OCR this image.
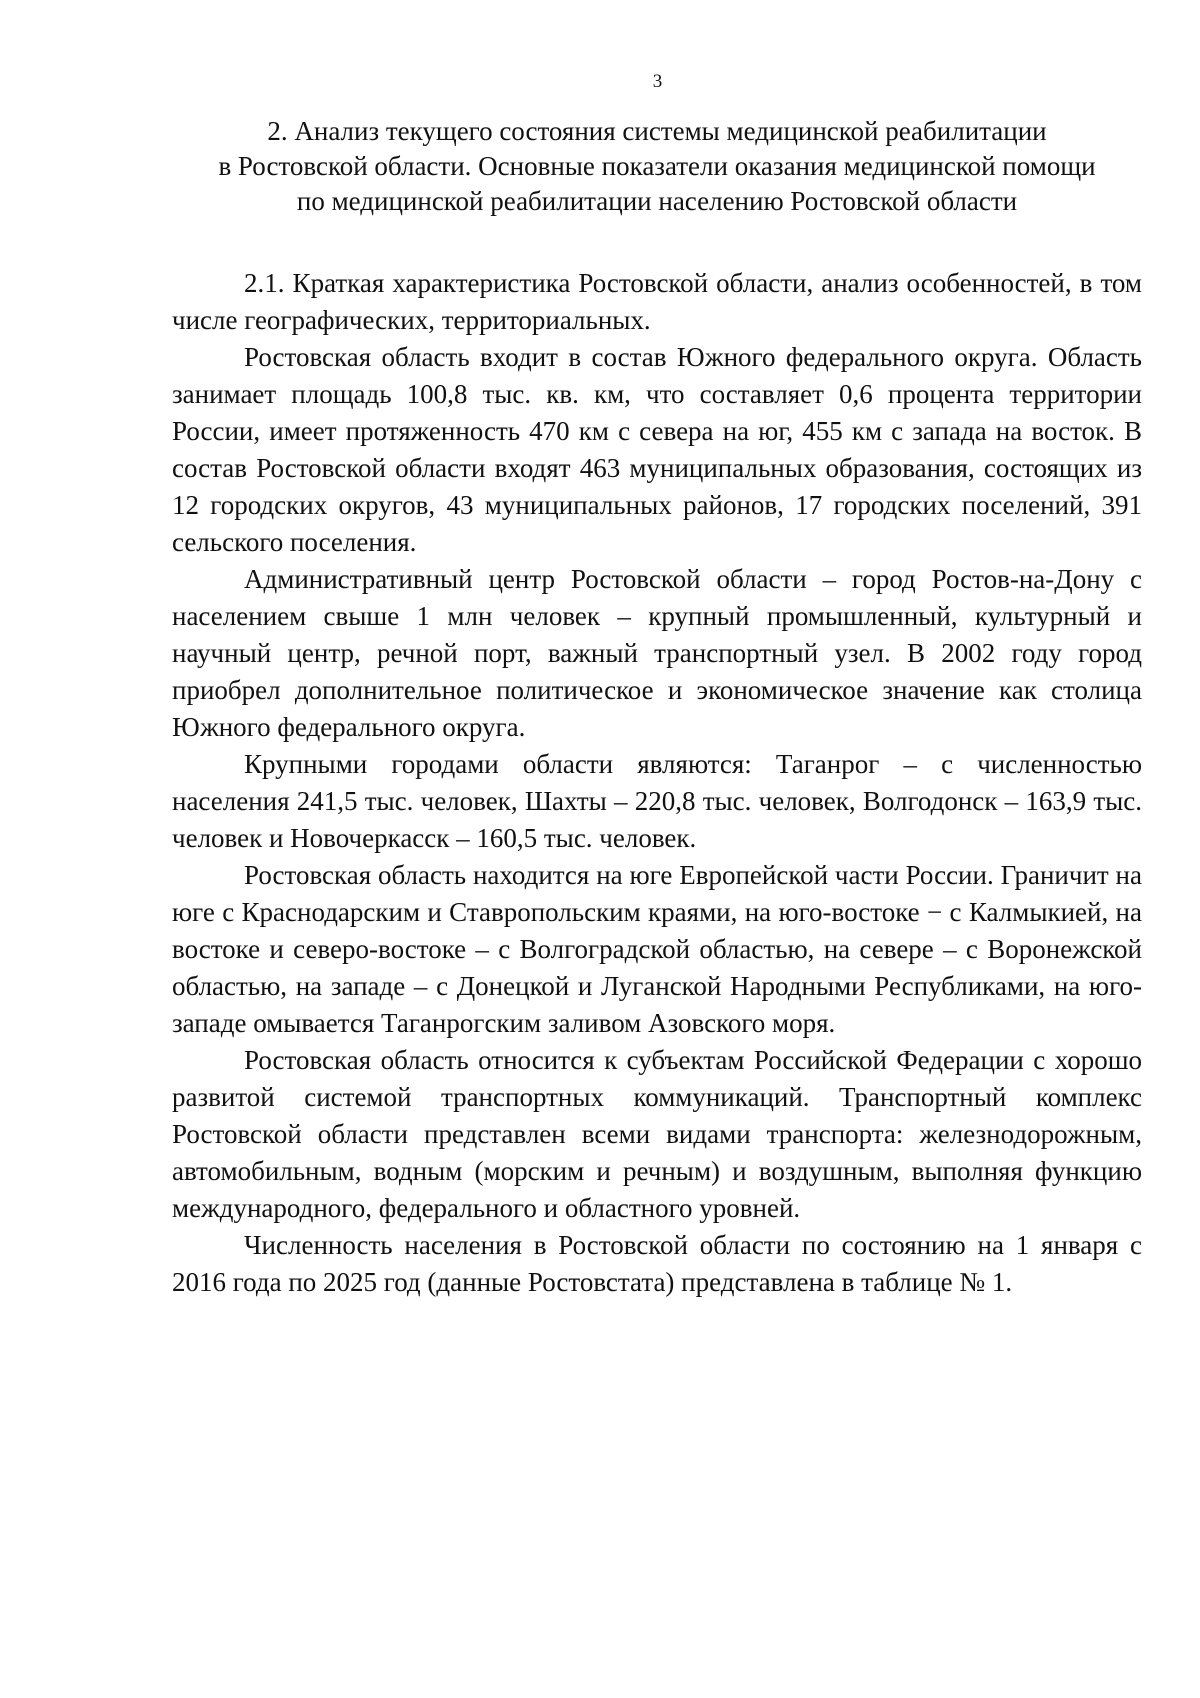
3
2. Анализ текущего состояния системы медицинской реабилитации
в Ростовской области. Основные показатели оказания медицинской помощи
по медицинской реабилитации населению Ростовской области

2.1. Краткая характеристика Ростовской области, анализ особенностей, в том числе географических, территориальных.

Ростовская область входит в состав Южного федерального округа. Область занимает площадь 100,8 тыс. кв. км, что составляет 0,6 процента территории России, имеет протяженность 470 км с севера на юг, 455 км с запада на восток. В состав Ростовской области входят 463 муниципальных образования, состоящих из 12 городских округов, 43 муниципальных районов, 17 городских поселений, 391 сельского поселения.

Административный центр Ростовской области – город Ростов-на-Дону с населением свыше 1 млн человек – крупный промышленный, культурный и научный центр, речной порт, важный транспортный узел. В 2002 году город приобрел дополнительное политическое и экономическое значение как столица Южного федерального округа.

Крупными городами области являются: Таганрог – с численностью населения 241,5 тыс. человек, Шахты – 220,8 тыс. человек, Волгодонск – 163,9 тыс. человек и Новочеркасск – 160,5 тыс. человек.

Ростовская область находится на юге Европейской части России. Граничит на юге с Краснодарским и Ставропольским краями, на юго-востоке − с Калмыкией, на востоке и северо-востоке – с Волгоградской областью, на севере – с Воронежской областью, на западе – с Донецкой и Луганской Народными Республиками, на юго-западе омывается Таганрогским заливом Азовского моря.

Ростовская область относится к субъектам Российской Федерации с хорошо развитой системой транспортных коммуникаций. Транспортный комплекс Ростовской области представлен всеми видами транспорта: железнодорожным, автомобильным, водным (морским и речным) и воздушным, выполняя функцию международного, федерального и областного уровней.

Численность населения в Ростовской области по состоянию на 1 января с 2016 года по 2025 год (данные Ростовстата) представлена в таблице № 1.
